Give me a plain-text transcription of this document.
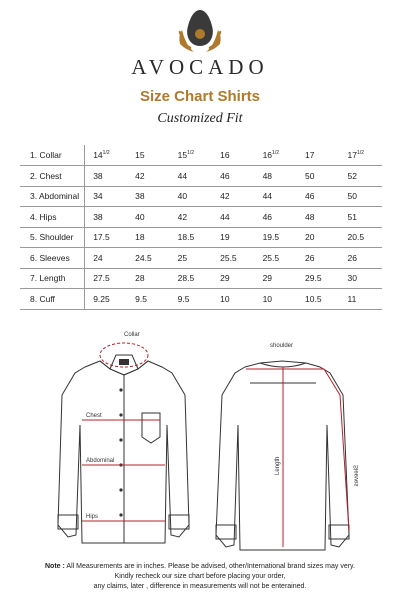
AVOCADO
Size Chart Shirts
Customized Fit
1. Collar	$14^{1/2}$	15	$15^{1/2}$	16	$16^{1/2}$	17	$17^{1/2}$
2. Chest	38	42	44	46	48	50	52
3. Abdominal	34	38	40	42	44	46	50
4. Hips	38	40	42	44	46	48	51
5. Shoulder	17.5	18	18.5	19	19.5	20	20.5
6. Sleeves	24	24.5	25	25.5	25.5	26	26
7. Length	27.5	28	28.5	29	29	29.5	30
8. Cuff	9.25	9.5	9.5	10	10	10.5	11
Collar
Chest
Abdominal
Hips
shoulder
Length	Sleeves
Note : All Measurements are in inches. Please be advised, other/International brand sizes may very.
Kindly recheck our size chart before placing your order,
any claims, later , difference in measurements will not be enterained.
